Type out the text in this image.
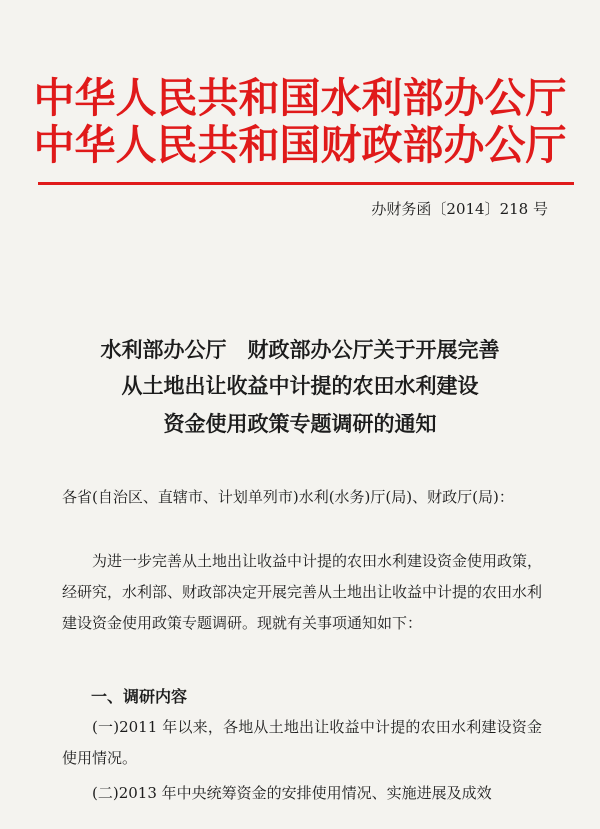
中华人民共和国水利部办公厅
中华人民共和国财政部办公厅
办财务函〔2014〕218 号
水利部办公厅　财政部办公厅关于开展完善
从土地出让收益中计提的农田水利建设
资金使用政策专题调研的通知
各省(自治区、直辖市、计划单列市)水利(水务)厅(局)、财政厅(局)：
为进一步完善从土地出让收益中计提的农田水利建设资金使用政策，经研究，水利部、财政部决定开展完善从土地出让收益中计提的农田水利建设资金使用政策专题调研。现就有关事项通知如下：
一、调研内容
(一)2011 年以来，各地从土地出让收益中计提的农田水利建设资金使用情况。
(二)2013 年中央统筹资金的安排使用情况、实施进展及成效
